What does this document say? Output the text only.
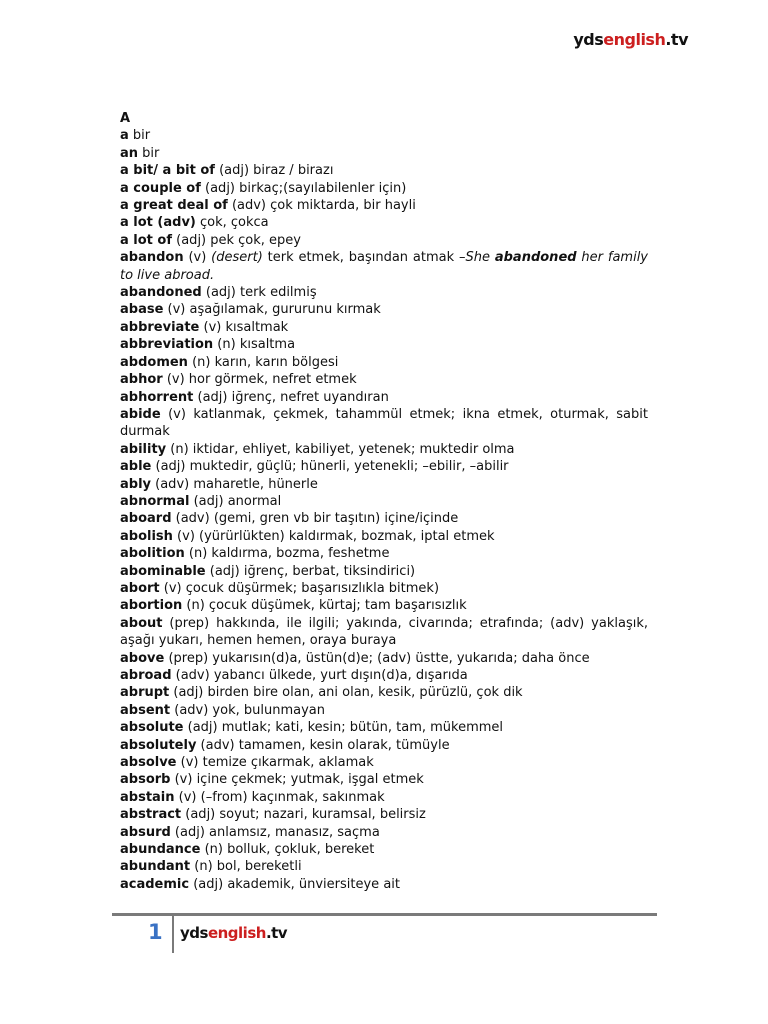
ydsenglish.tv
A
a bir
an bir
a bit/ a bit of (adj) biraz / birazı
a couple of (adj) birkaç;(sayılabilenler için)
a great deal of (adv) çok miktarda, bir hayli
a lot (adv) çok, çokca
a lot of (adj) pek çok, epey
abandon (v) (desert) terk etmek, başından atmak –She abandoned her family to live abroad.
abandoned (adj) terk edilmiş
abase (v) aşağılamak, gururunu kırmak
abbreviate (v) kısaltmak
abbreviation (n) kısaltma
abdomen (n) karın, karın bölgesi
abhor (v) hor görmek, nefret etmek
abhorrent (adj) iğrenç, nefret uyandıran
abide (v) katlanmak, çekmek, tahammül etmek; ikna etmek, oturmak, sabit durmak
ability (n) iktidar, ehliyet, kabiliyet, yetenek; muktedir olma
able (adj) muktedir, güçlü; hünerli, yetenekli; –ebilir, –abilir
ably (adv) maharetle, hünerle
abnormal (adj) anormal
aboard (adv) (gemi, gren vb bir taşıtın) içine/içinde
abolish (v) (yürürlükten) kaldırmak, bozmak, iptal etmek
abolition (n) kaldırma, bozma, feshetme
abominable (adj) iğrenç, berbat, tiksindirici)
abort (v) çocuk düşürmek; başarısızlıkla bitmek)
abortion (n) çocuk düşümek, kürtaj; tam başarısızlık
about (prep) hakkında, ile ilgili; yakında, civarında; etrafında; (adv) yaklaşık, aşağı yukarı, hemen hemen, oraya buraya
above (prep) yukarısın(d)a, üstün(d)e; (adv) üstte, yukarıda; daha önce
abroad (adv) yabancı ülkede, yurt dışın(d)a, dışarıda
abrupt (adj) birden bire olan, ani olan, kesik, pürüzlü, çok dik
absent (adv) yok, bulunmayan
absolute (adj) mutlak; kati, kesin; bütün, tam, mükemmel
absolutely (adv) tamamen, kesin olarak, tümüyle
absolve (v) temize çıkarmak, aklamak
absorb (v) içine çekmek; yutmak, işgal etmek
abstain (v) (–from) kaçınmak, sakınmak
abstract (adj) soyut; nazari, kuramsal, belirsiz
absurd (adj) anlamsız, manasız, saçma
abundance (n) bolluk, çokluk, bereket
abundant (n) bol, bereketli
academic (adj) akademik, ünviersiteye ait
1 ydsenglish.tv
